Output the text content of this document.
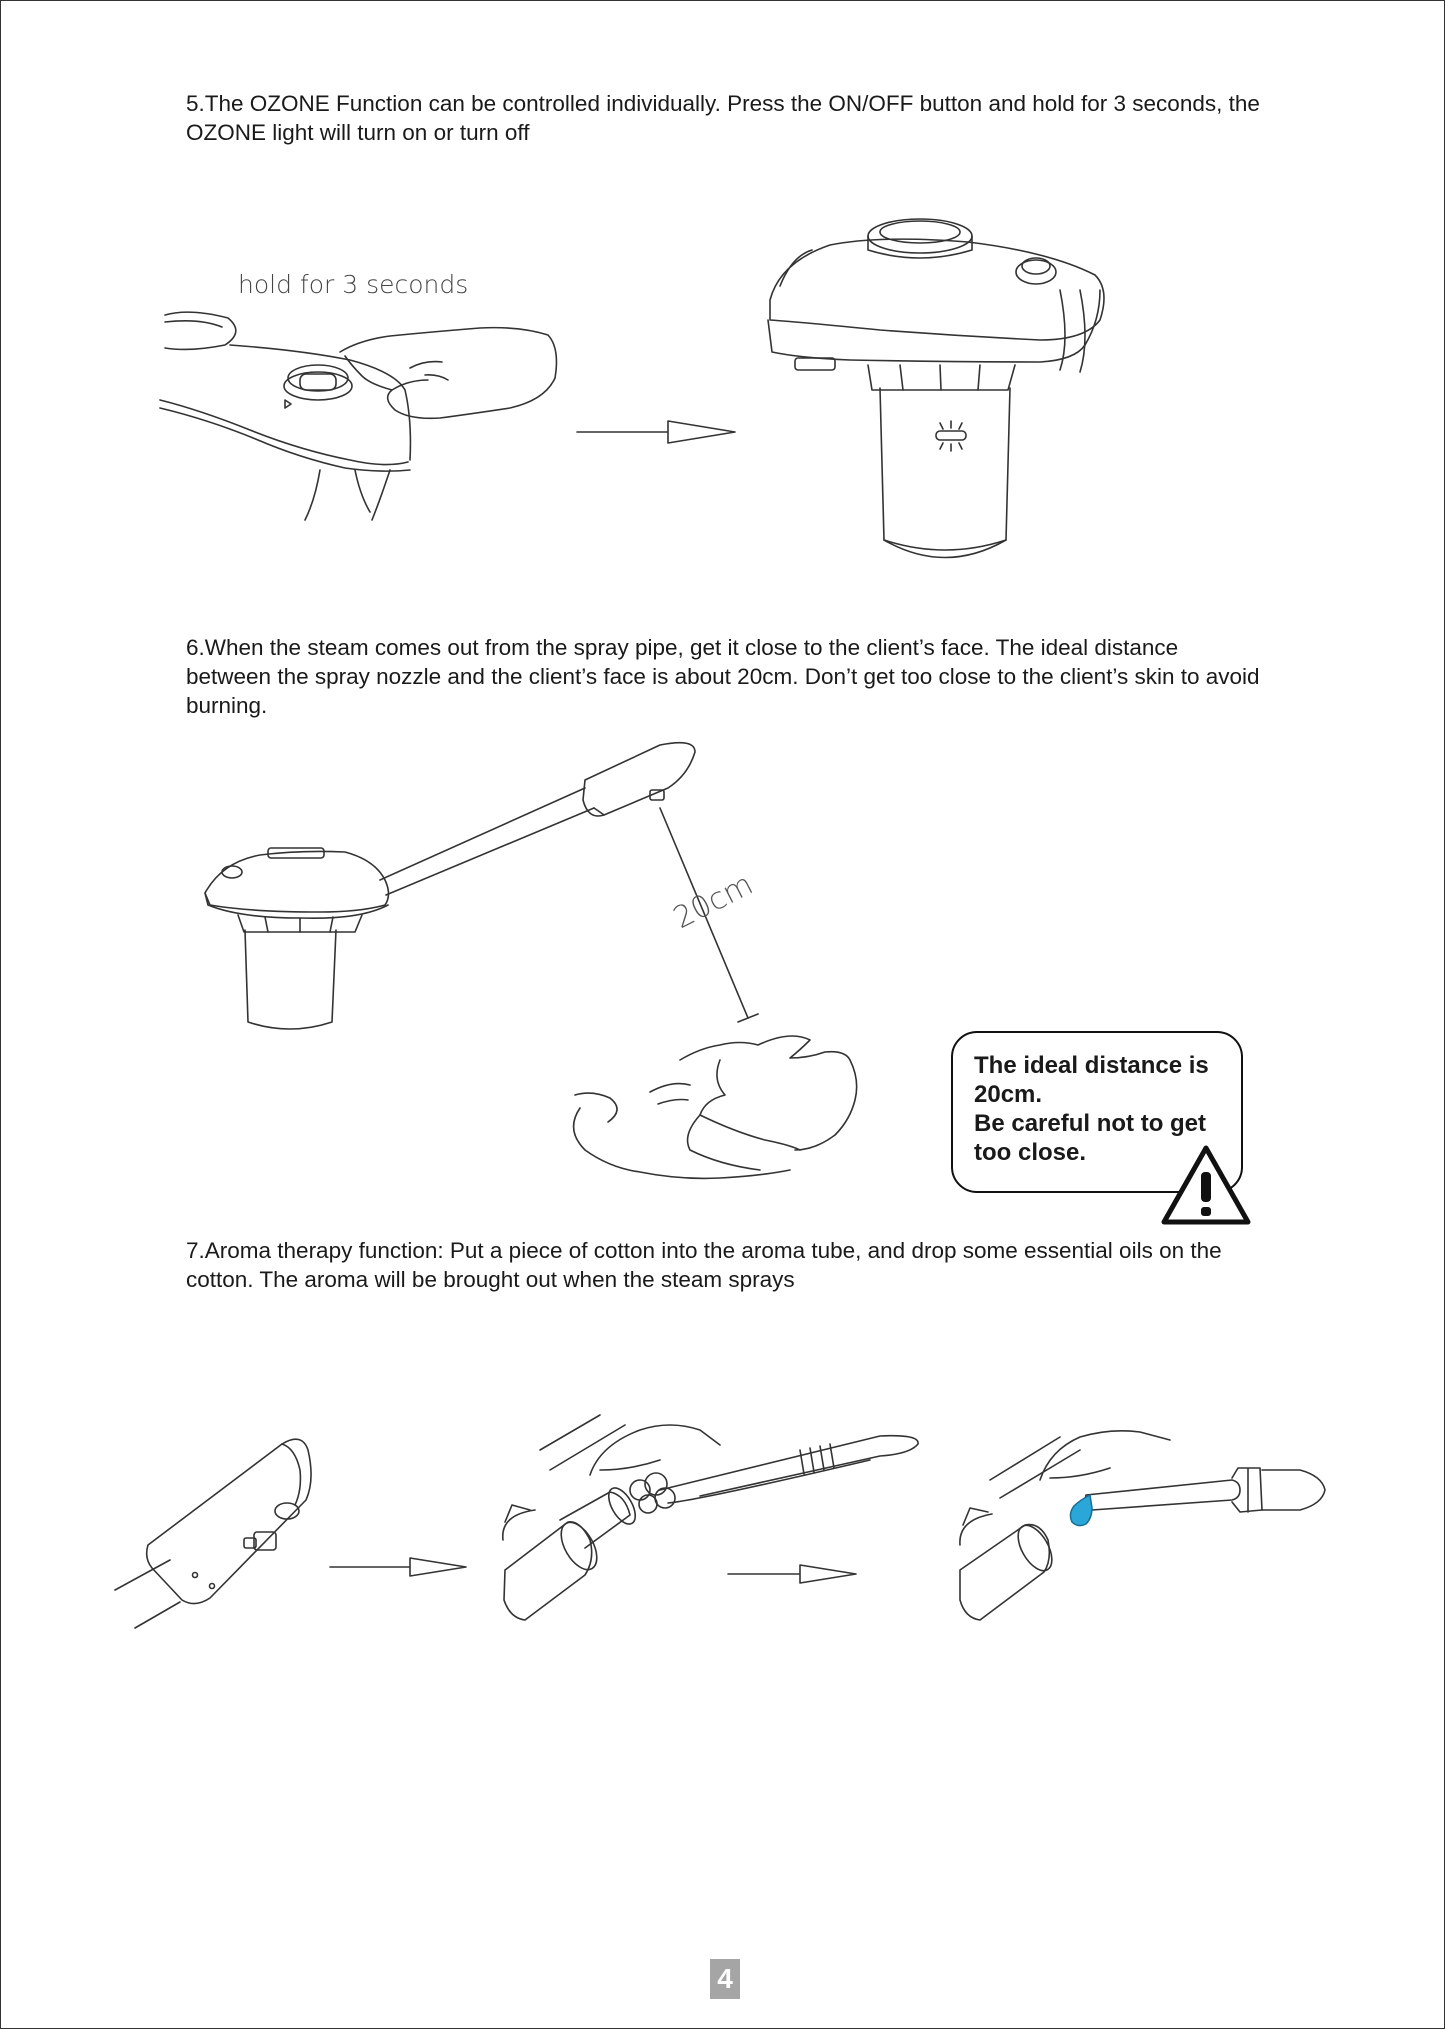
5.The OZONE Function can be controlled individually. Press the ON/OFF button and hold for 3 seconds, the OZONE light will turn on or turn off

hold for 3 seconds

6.When the steam comes out from the spray pipe, get it close to the client’s face. The ideal distance between the spray nozzle and the client’s face is about 20cm. Don’t get too close to the client’s skin to avoid burning.

20cm
The ideal distance is
20cm.
Be careful not to get
too close.

7.Aroma therapy function: Put a piece of cotton into the aroma tube, and drop some essential oils on the cotton. The aroma will be brought out when the steam sprays

4
